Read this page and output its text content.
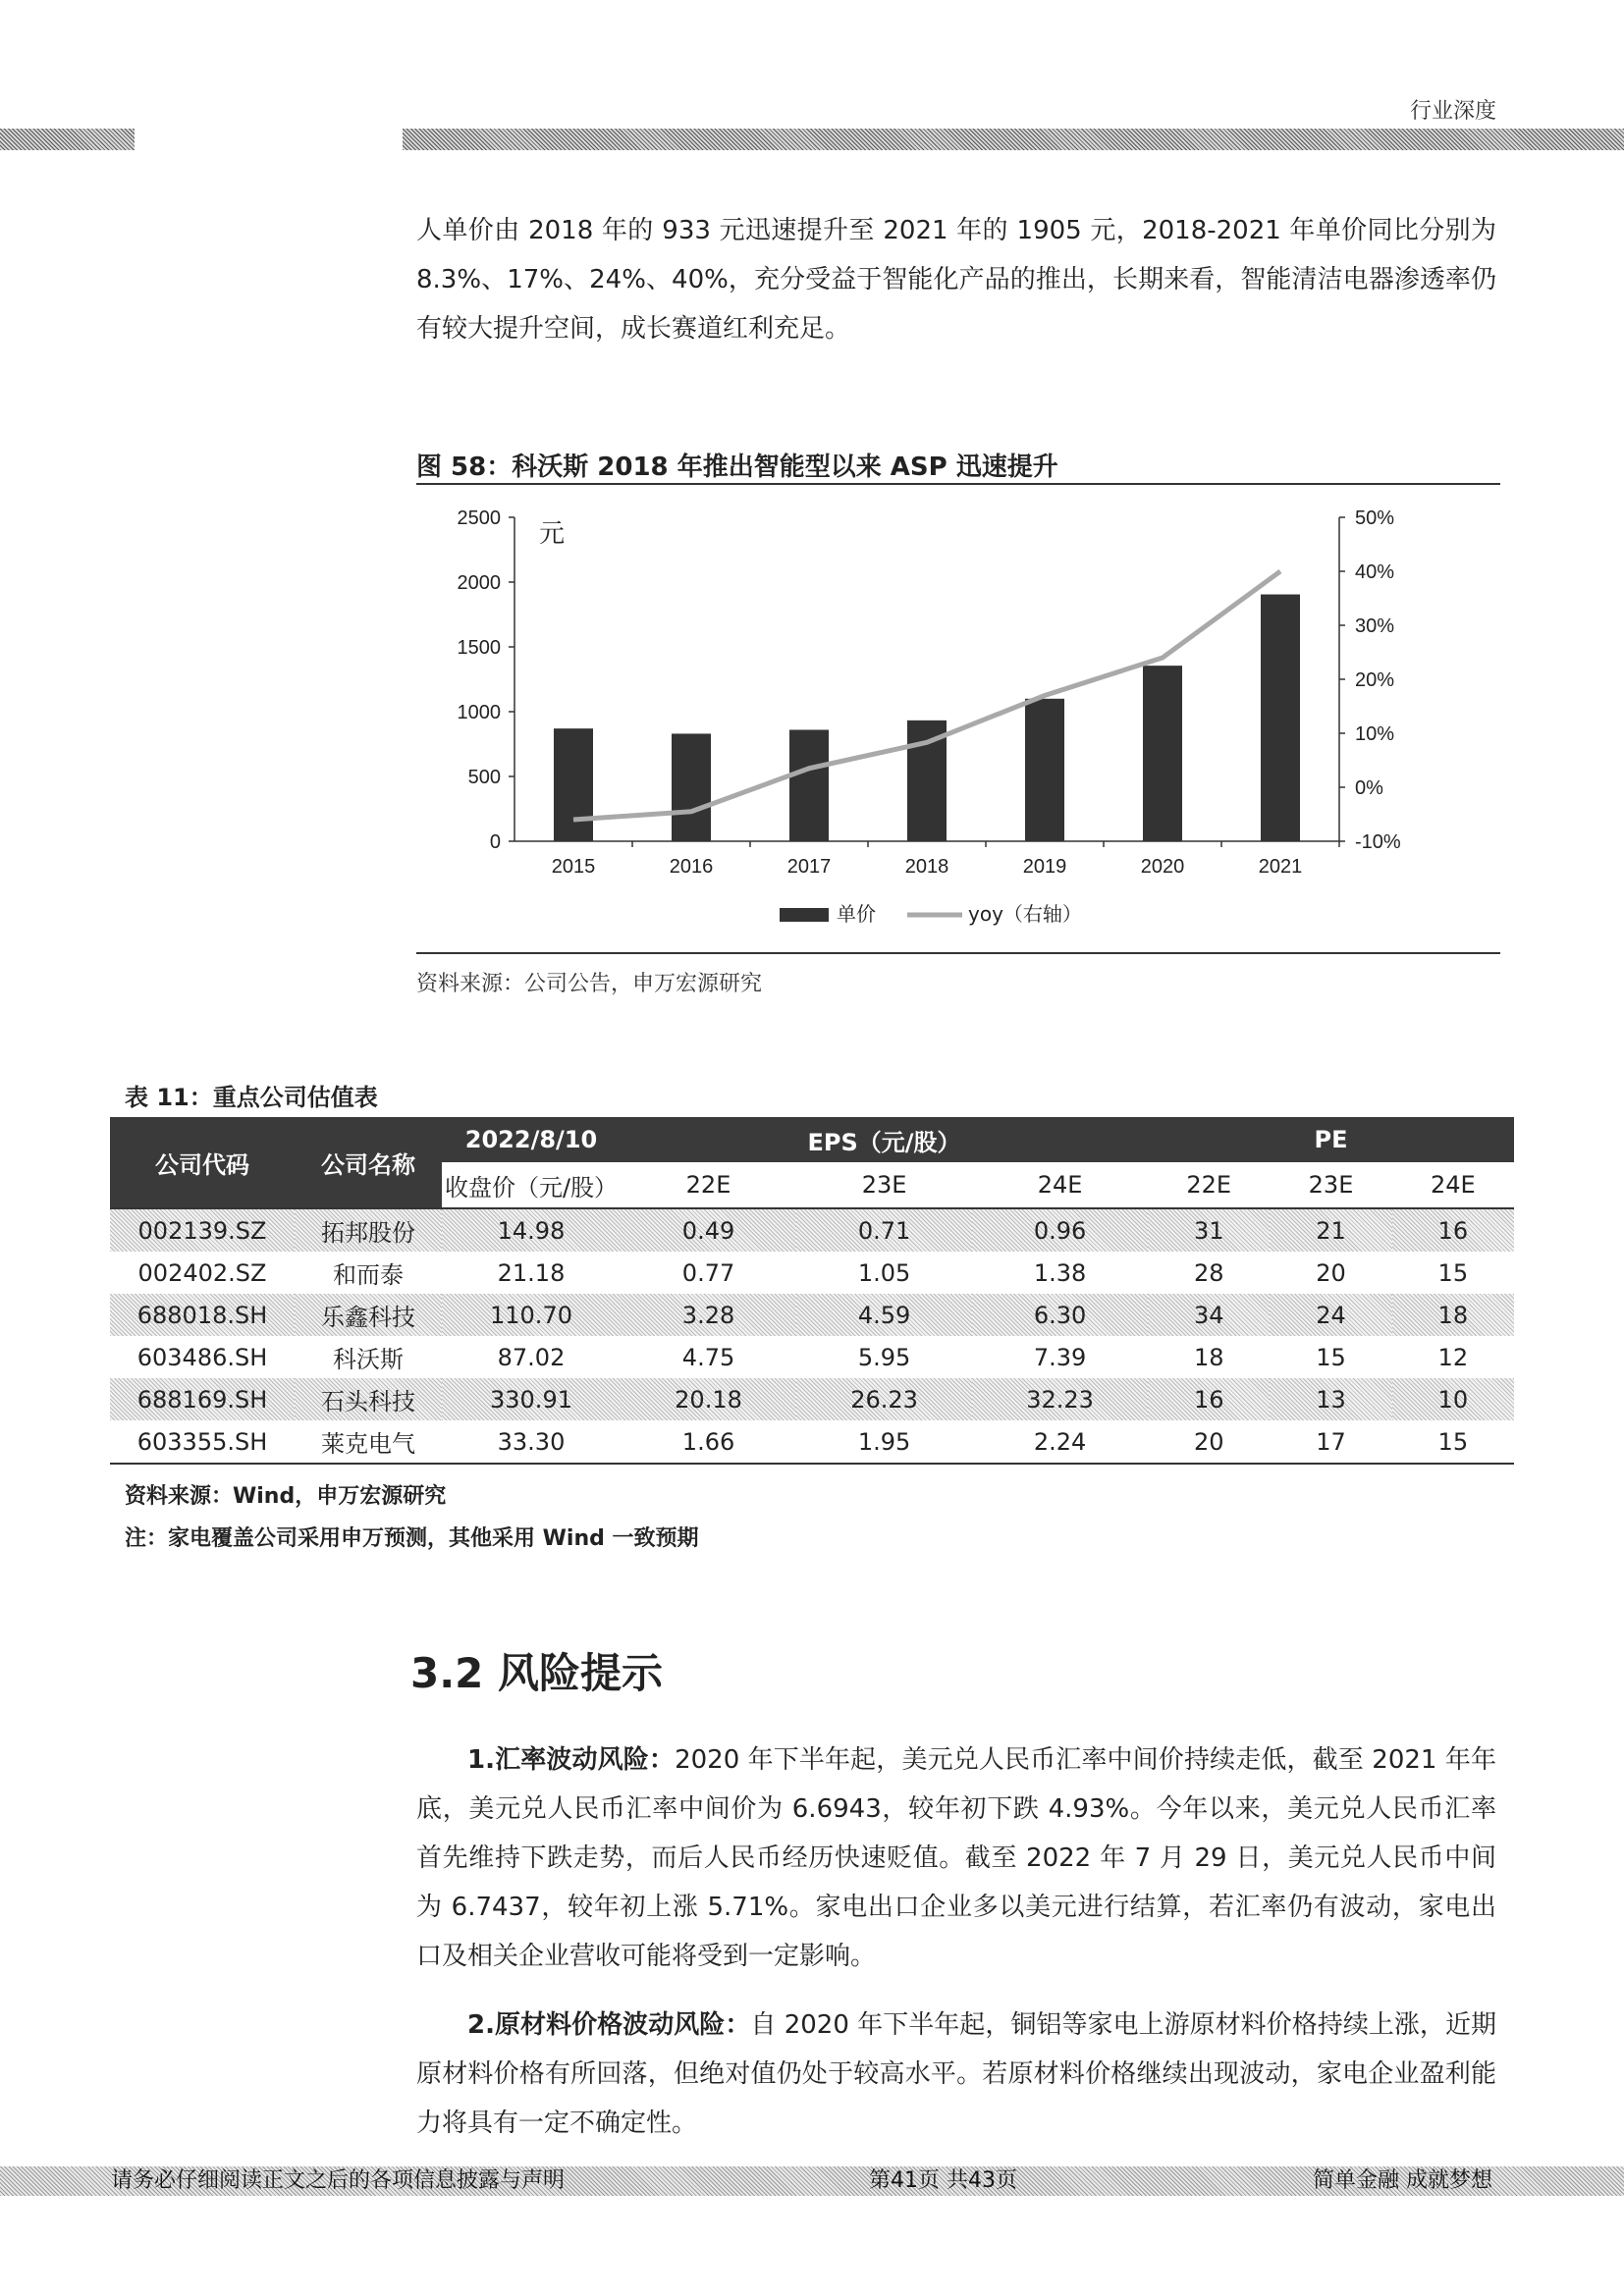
行业深度
人单价由 2018 年的 933 元迅速提升至 2021 年的 1905 元，2018-2021 年单价同比分别为 8.3%、17%、24%、40%，充分受益于智能化产品的推出，长期来看，智能清洁电器渗透率仍有较大提升空间，成长赛道红利充足。
图 58：科沃斯 2018 年推出智能型以来 ASP 迅速提升
2500
2000
1500
1000
500
0
50%
40%
30%
20%
10%
0%
-10%
元
2015	2016	2017	2018	2019	2020	2021
单价	yoy（右轴）
资料来源：公司公告，申万宏源研究
表 11：重点公司估值表
公司代码	公司名称	2022/8/10	EPS（元/股）			PE		
		收盘价（元/股）	22E	23E	24E	22E	23E	24E
002139.SZ	拓邦股份	14.98	0.49	0.71	0.96	31	21	16
002402.SZ	和而泰	21.18	0.77	1.05	1.38	28	20	15
688018.SH	乐鑫科技	110.70	3.28	4.59	6.30	34	24	18
603486.SH	科沃斯	87.02	4.75	5.95	7.39	18	15	12
688169.SH	石头科技	330.91	20.18	26.23	32.23	16	13	10
603355.SH	莱克电气	33.30	1.66	1.95	2.24	20	17	15
资料来源：Wind，申万宏源研究
注：家电覆盖公司采用申万预测，其他采用 Wind 一致预期
3.2 风险提示
1.汇率波动风险：2020 年下半年起，美元兑人民币汇率中间价持续走低，截至 2021 年年底，美元兑人民币汇率中间价为 6.6943，较年初下跌 4.93%。今年以来，美元兑人民币汇率首先维持下跌走势，而后人民币经历快速贬值。截至 2022 年 7 月 29 日，美元兑人民币中间为 6.7437，较年初上涨 5.71%。家电出口企业多以美元进行结算，若汇率仍有波动，家电出口及相关企业营收可能将受到一定影响。
2.原材料价格波动风险：自 2020 年下半年起，铜铝等家电上游原材料价格持续上涨，近期原材料价格有所回落，但绝对值仍处于较高水平。若原材料价格继续出现波动，家电企业盈利能力将具有一定不确定性。
请务必仔细阅读正文之后的各项信息披露与声明	第41页 共43页	简单金融 成就梦想
